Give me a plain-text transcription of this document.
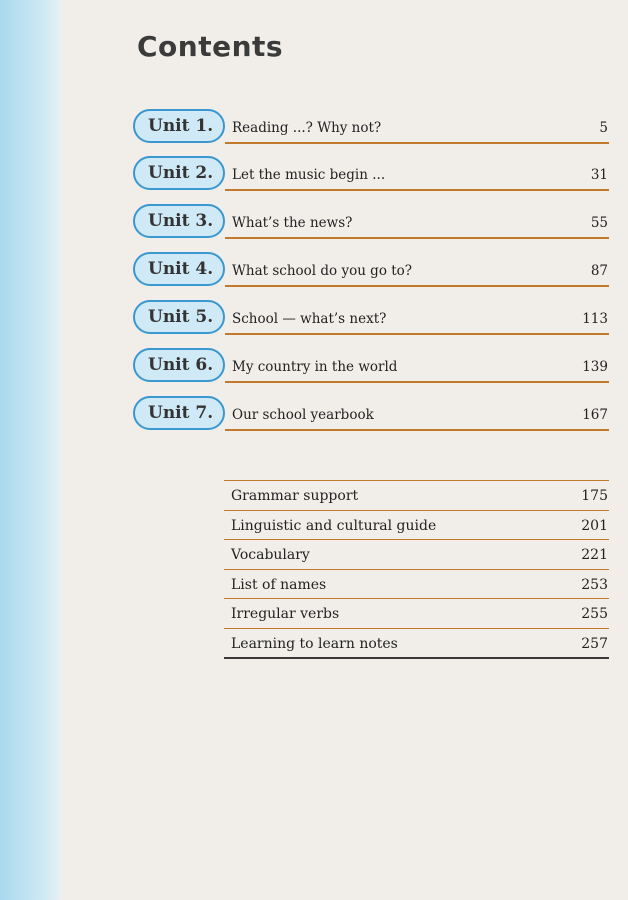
Contents
Unit 1.	Reading ...? Why not?	5
Unit 2.	Let the music begin ...	31
Unit 3.	What’s the news?	55
Unit 4.	What school do you go to?	87
Unit 5.	School — what’s next?	113
Unit 6.	My country in the world	139
Unit 7.	Our school yearbook	167
Grammar support	175
Linguistic and cultural guide	201
Vocabulary	221
List of names	253
Irregular verbs	255
Learning to learn notes	257
